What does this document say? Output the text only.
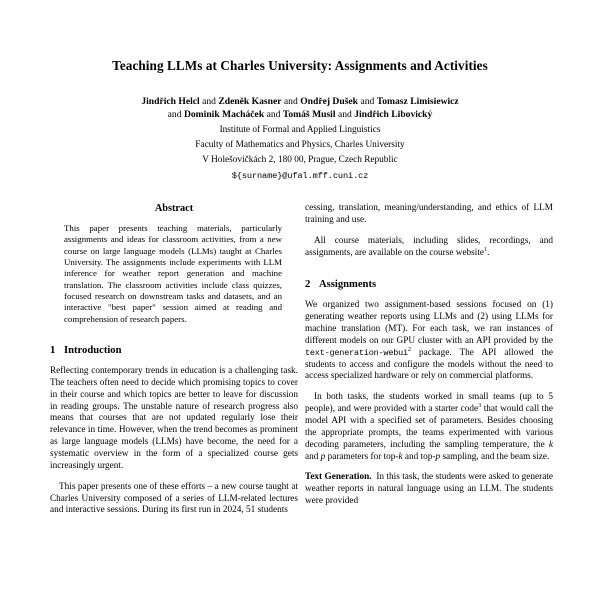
Teaching LLMs at Charles University: Assignments and Activities
Jindřich Helcl and Zdeněk Kasner and Ondřej Dušek and Tomasz Limisiewicz
and Dominik Macháček and Tomáš Musil and Jindřich Libovický
Institute of Formal and Applied Linguistics
Faculty of Mathematics and Physics, Charles University
V Holešovičkách 2, 180 00, Prague, Czech Republic
${surname}@ufal.mff.cuni.cz
Abstract

This paper presents teaching materials, particularly assignments and ideas for classroom activities, from a new course on large language models (LLMs) taught at Charles University. The assignments include experiments with LLM inference for weather report generation and machine translation. The classroom activities include class quizzes, focused research on downstream tasks and datasets, and an interactive "best paper" session aimed at reading and comprehension of research papers.

1 Introduction

Reflecting contemporary trends in education is a challenging task. The teachers often need to decide which promising topics to cover in their course and which topics are better to leave for discussion in reading groups. The unstable nature of research progress also means that courses that are not updated regularly lose their relevance in time. However, when the trend becomes as prominent as large language models (LLMs) have become, the need for a systematic overview in the form of a specialized course gets increasingly urgent.

This paper presents one of these efforts – a new course taught at Charles University composed of a series of LLM-related lectures and interactive sessions. During its first run in 2024, 51 students

cessing, translation, meaning/understanding, and ethics of LLM training and use.

All course materials, including slides, recordings, and assignments, are available on the course website$^1$.

2 Assignments

We organized two assignment-based sessions focused on (1) generating weather reports using LLMs and (2) using LLMs for machine translation (MT). For each task, we ran instances of different models on our GPU cluster with an API provided by the text-generation-webui$^2$ package. The API allowed the students to access and configure the models without the need to access specialized hardware or rely on commercial platforms.

In both tasks, the students worked in small teams (up to 5 people), and were provided with a starter code$^3$ that would call the model API with a specified set of parameters. Besides choosing the appropriate prompts, the teams experimented with various decoding parameters, including the sampling temperature, the k and p parameters for top-k and top-p sampling, and the beam size.

Text Generation. In this task, the students were asked to generate weather reports in natural language using an LLM. The students were provided
